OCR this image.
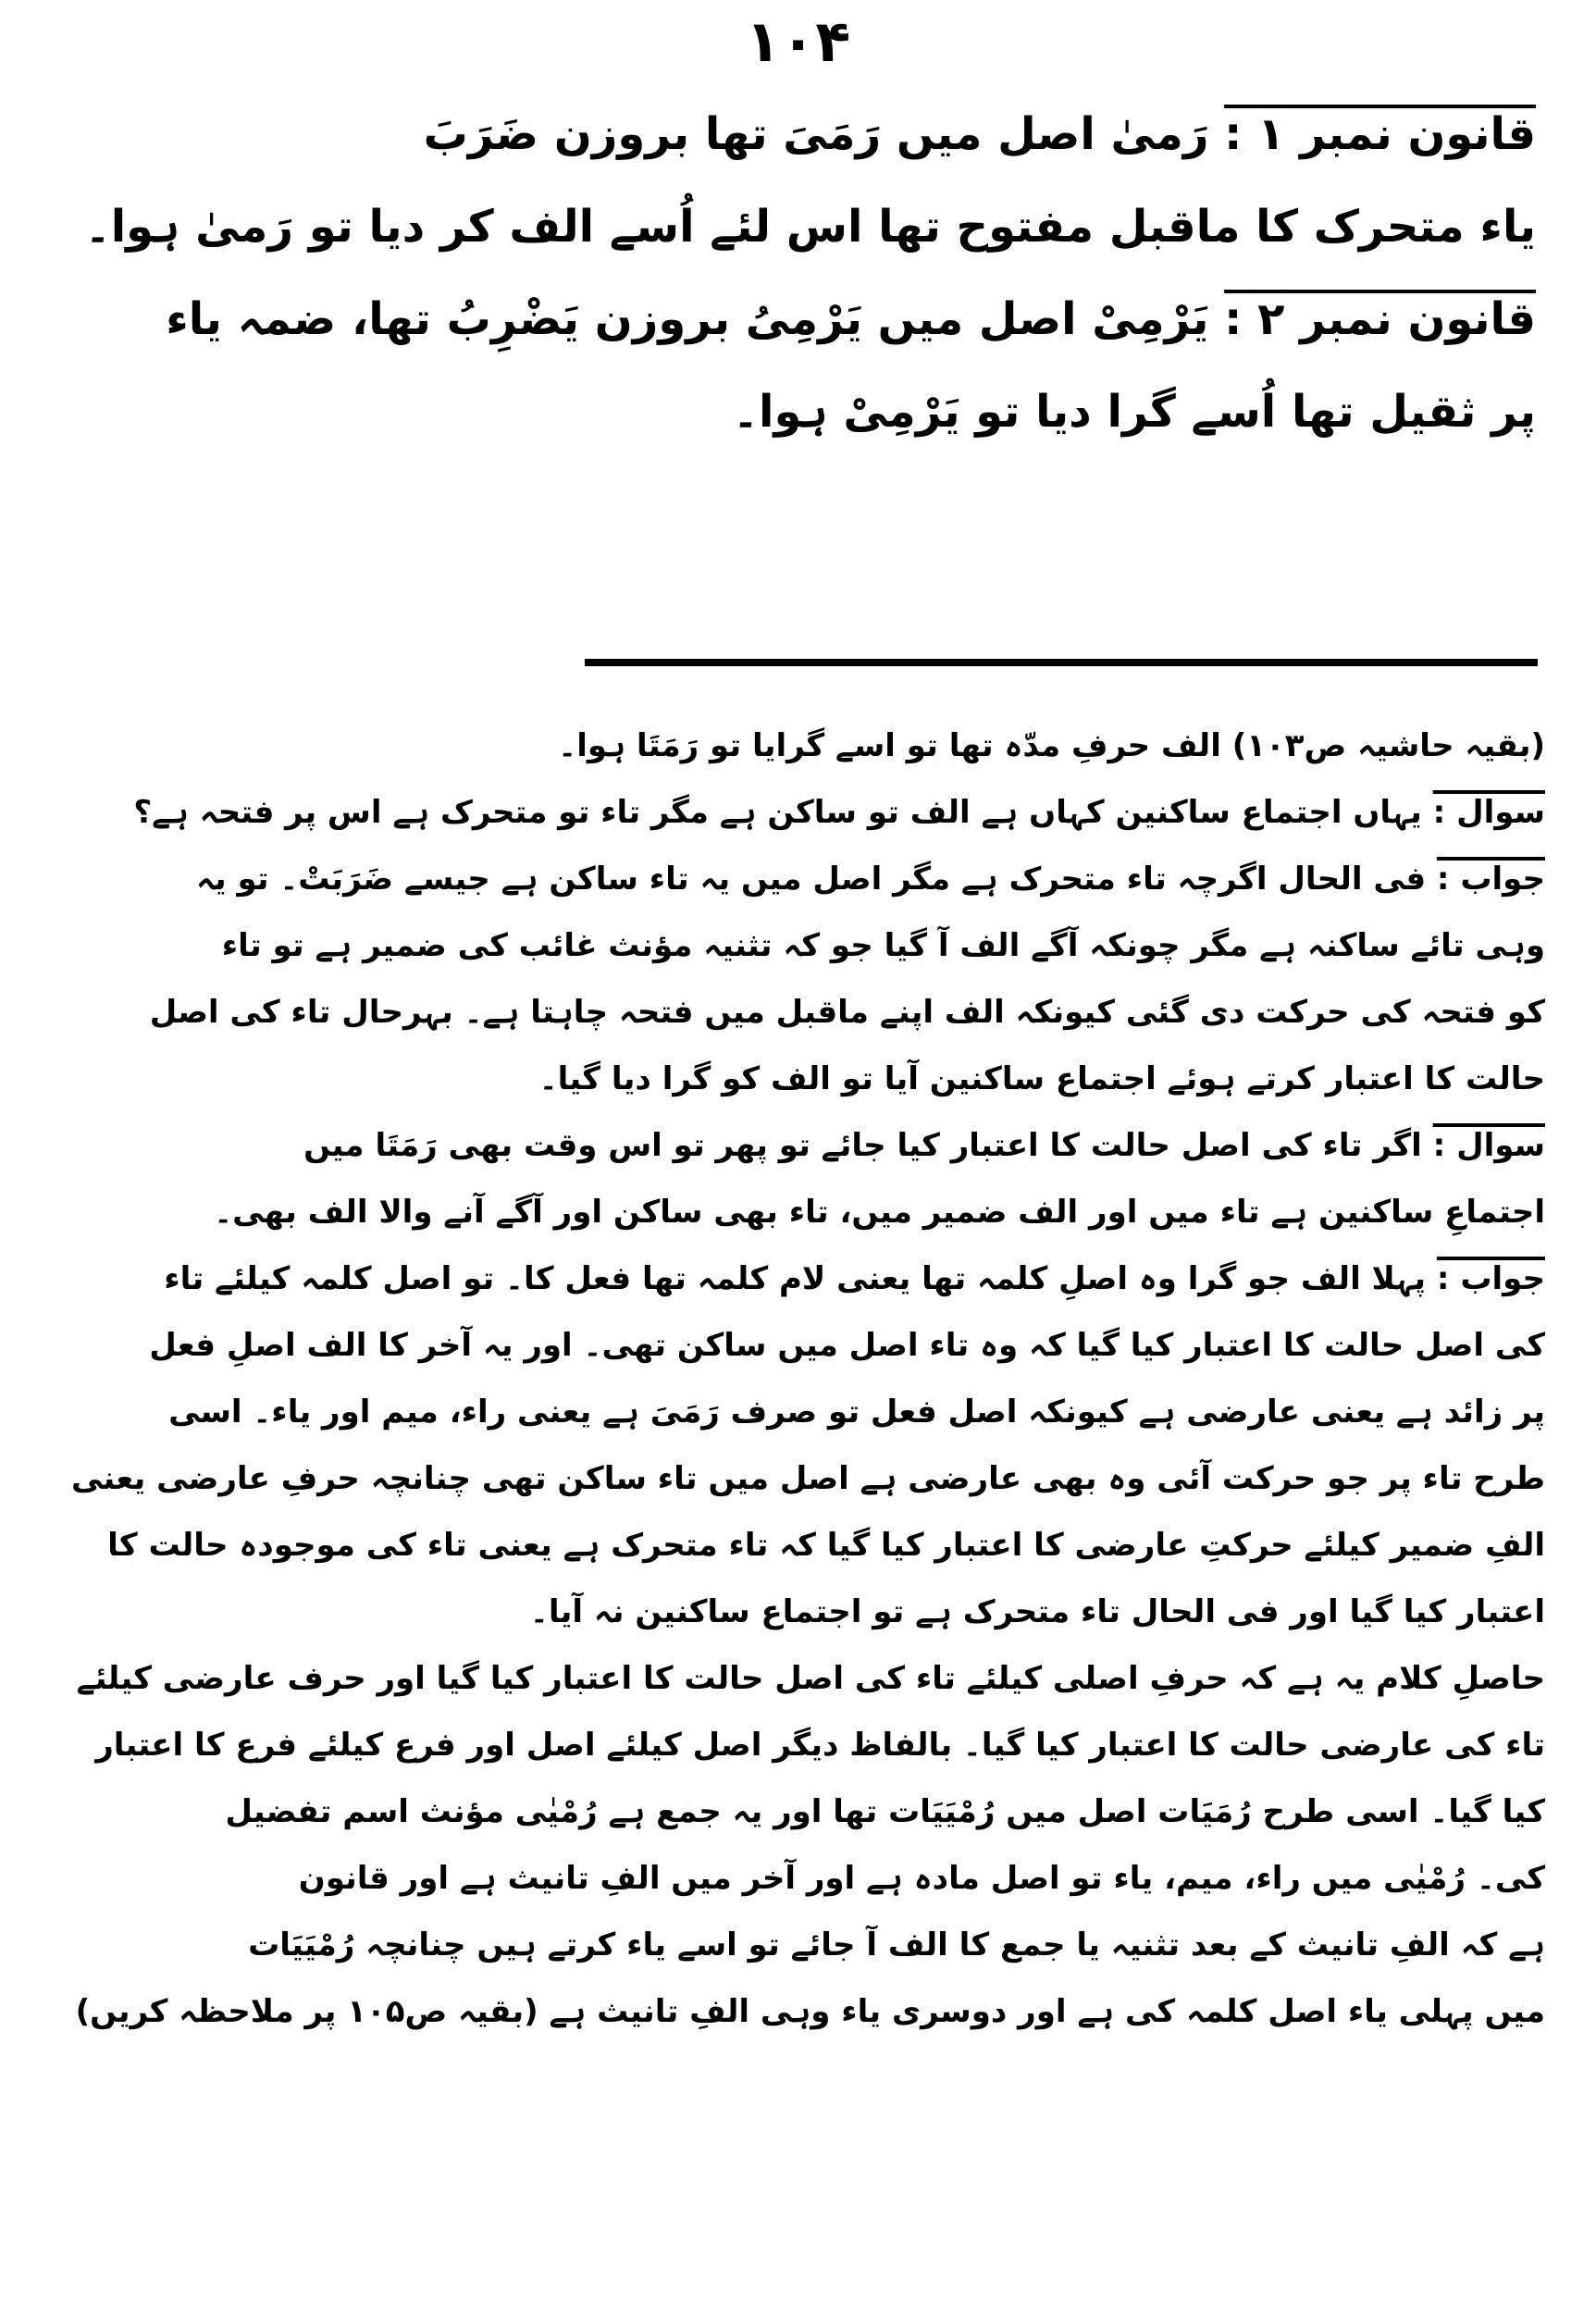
۱۰۴
قانون نمبر ۱ : رَمیٰ اصل میں رَمَیَ تھا بروزن ضَرَبَ
یاء متحرک کا ماقبل مفتوح تھا اس لئے اُسے الف کر دیا تو رَمیٰ ہوا۔
قانون نمبر ۲ : یَرْمِیْ اصل میں یَرْمِیُ بروزن یَضْرِبُ تھا، ضمہ یاء
پر ثقیل تھا اُسے گرا دیا تو یَرْمِیْ ہوا۔
(بقیہ حاشیہ ص۱۰۳) الف حرفِ مدّہ تھا تو اسے گرایا تو رَمَتَا ہوا۔
سوال : یہاں اجتماع ساکنین کہاں ہے الف تو ساکن ہے مگر تاء تو متحرک ہے اس پر فتحہ ہے؟
جواب : فی الحال اگرچہ تاء متحرک ہے مگر اصل میں یہ تاء ساکن ہے جیسے ضَرَبَتْ۔ تو یہ
وہی تائے ساکنہ ہے مگر چونکہ آگے الف آ گیا جو کہ تثنیہ مؤنث غائب کی ضمیر ہے تو تاء
کو فتحہ کی حرکت دی گئی کیونکہ الف اپنے ماقبل میں فتحہ چاہتا ہے۔ بہرحال تاء کی اصل
حالت کا اعتبار کرتے ہوئے اجتماع ساکنین آیا تو الف کو گرا دیا گیا۔
سوال : اگر تاء کی اصل حالت کا اعتبار کیا جائے تو پھر تو اس وقت بھی رَمَتَا میں
اجتماعِ ساکنین ہے تاء میں اور الف ضمیر میں، تاء بھی ساکن اور آگے آنے والا الف بھی۔
جواب : پہلا الف جو گرا وہ اصلِ کلمہ تھا یعنی لام کلمہ تھا فعل کا۔ تو اصل کلمہ کیلئے تاء
کی اصل حالت کا اعتبار کیا گیا کہ وہ تاء اصل میں ساکن تھی۔ اور یہ آخر کا الف اصلِ فعل
پر زائد ہے یعنی عارضی ہے کیونکہ اصل فعل تو صرف رَمَیَ ہے یعنی راء، میم اور یاء۔ اسی
طرح تاء پر جو حرکت آئی وہ بھی عارضی ہے اصل میں تاء ساکن تھی چنانچہ حرفِ عارضی یعنی
الفِ ضمیر کیلئے حرکتِ عارضی کا اعتبار کیا گیا کہ تاء متحرک ہے یعنی تاء کی موجودہ حالت کا
اعتبار کیا گیا اور فی الحال تاء متحرک ہے تو اجتماع ساکنین نہ آیا۔
حاصلِ کلام یہ ہے کہ حرفِ اصلی کیلئے تاء کی اصل حالت کا اعتبار کیا گیا اور حرف عارضی کیلئے
تاء کی عارضی حالت کا اعتبار کیا گیا۔ بالفاظ دیگر اصل کیلئے اصل اور فرع کیلئے فرع کا اعتبار
کیا گیا۔ اسی طرح رُمَیَات اصل میں رُمْیَیَات تھا اور یہ جمع ہے رُمْیٰی مؤنث اسم تفضیل
کی۔ رُمْیٰی میں راء، میم، یاء تو اصل مادہ ہے اور آخر میں الفِ تانیث ہے اور قانون
ہے کہ الفِ تانیث کے بعد تثنیہ یا جمع کا الف آ جائے تو اسے یاء کرتے ہیں چنانچہ رُمْیَیَات
میں پہلی یاء اصل کلمہ کی ہے اور دوسری یاء وہی الفِ تانیث ہے (بقیہ ص۱۰۵ پر ملاحظہ کریں)
